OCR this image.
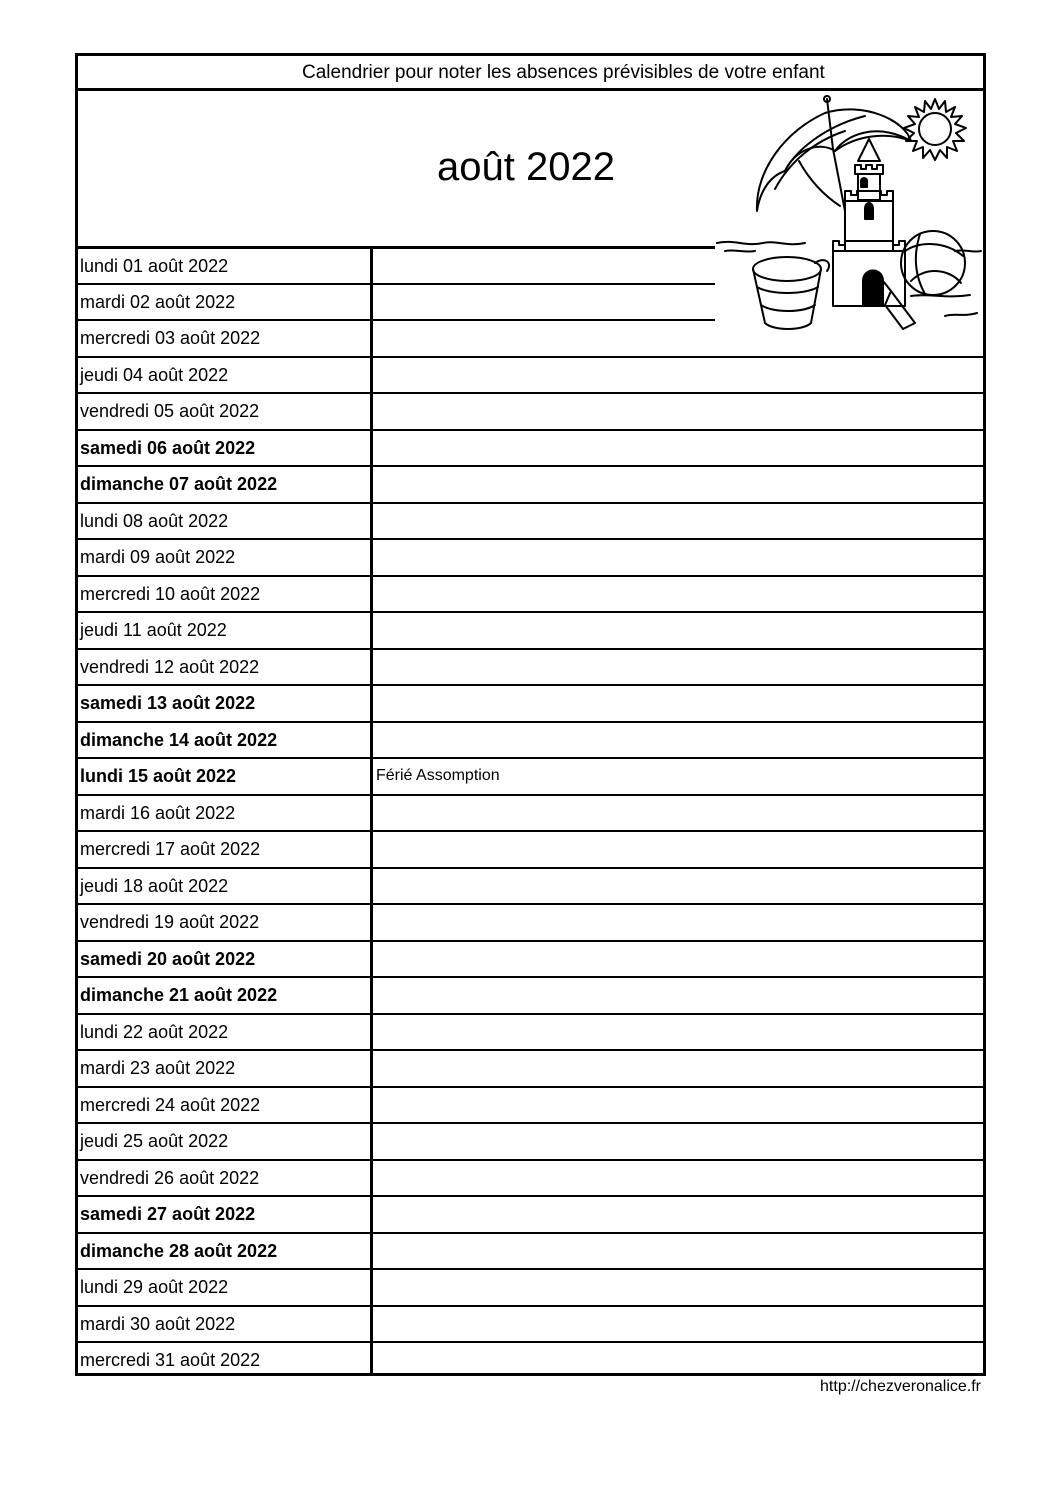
Calendrier pour noter les absences prévisibles de votre enfant
août 2022
lundi 01 août 2022
mardi 02 août 2022
mercredi 03 août 2022
jeudi 04 août 2022
vendredi 05 août 2022
samedi 06 août 2022
dimanche 07 août 2022
lundi 08 août 2022
mardi 09 août 2022
mercredi 10 août 2022
jeudi 11 août 2022
vendredi 12 août 2022
samedi 13 août 2022
dimanche 14 août 2022
lundi 15 août 2022	Férié Assomption
mardi 16 août 2022
mercredi 17 août 2022
jeudi 18 août 2022
vendredi 19 août 2022
samedi 20 août 2022
dimanche 21 août 2022
lundi 22 août 2022
mardi 23 août 2022
mercredi 24 août 2022
jeudi 25 août 2022
vendredi 26 août 2022
samedi 27 août 2022
dimanche 28 août 2022
lundi 29 août 2022
mardi 30 août 2022
mercredi 31 août 2022
http://chezveronalice.fr
